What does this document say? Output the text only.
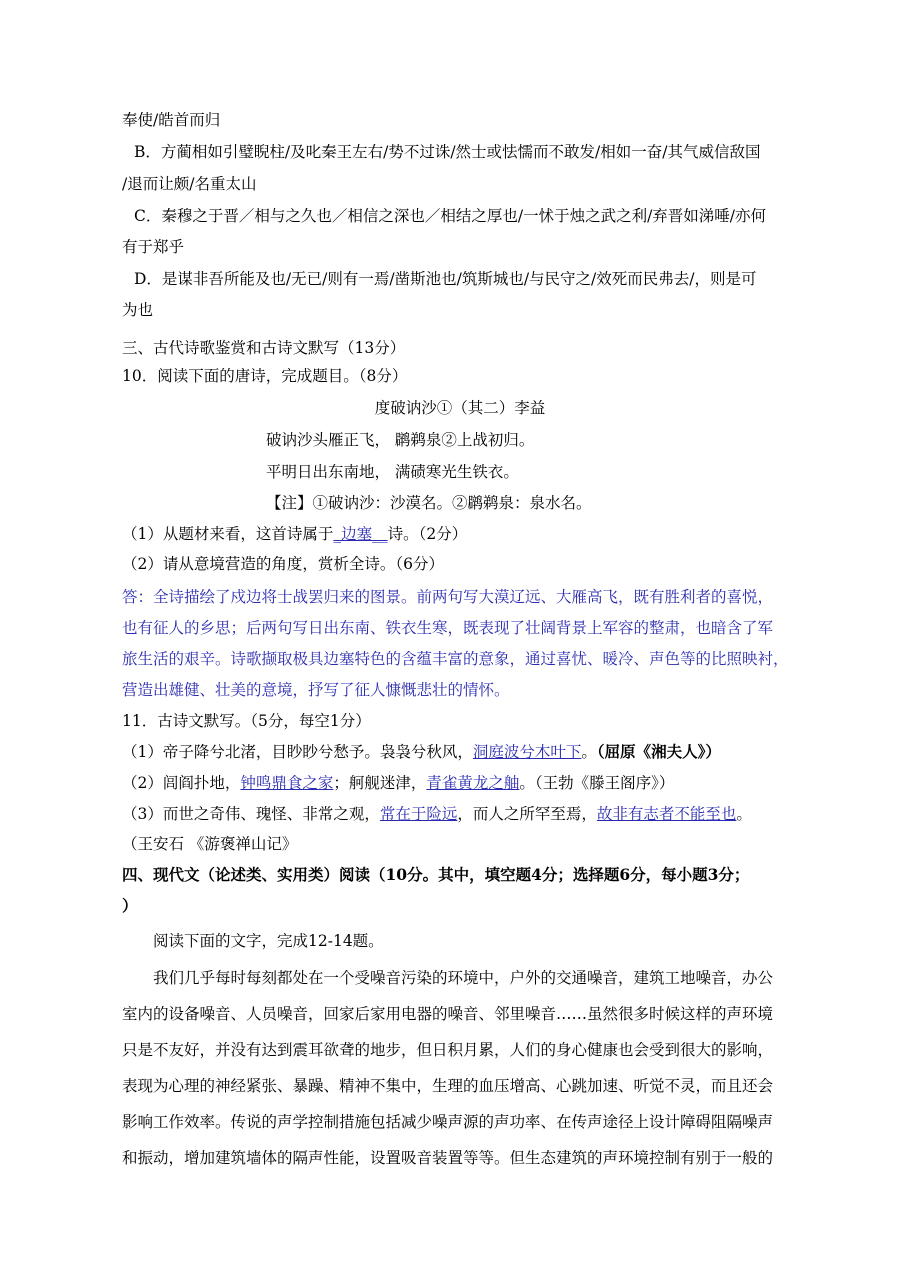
奉使/皓首而归
B．方蔺相如引璧睨柱/及叱秦王左右/势不过诛/然士或怯懦而不敢发/相如一奋/其气威信敌国
/退而让颇/名重太山
C．秦穆之于晋／相与之久也／相信之深也／相结之厚也/一怵于烛之武之利/弃晋如涕唾/亦何
有于郑乎
D．是谋非吾所能及也/无已/则有一焉/凿斯池也/筑斯城也/与民守之/效死而民弗去/，则是可
为也
三、古代诗歌鉴赏和古诗文默写（13分）
10．阅读下面的唐诗，完成题目。（8分）
度破讷沙①（其二）李益
破讷沙头雁正飞， 䴙鹈泉②上战初归。
平明日出东南地， 满碛寒光生铁衣。
【注】①破讷沙：沙漠名。②䴙鹈泉：泉水名。
（1）从题材来看，这首诗属于_边塞__诗。（2分）
（2）请从意境营造的角度，赏析全诗。（6分）
答：全诗描绘了戍边将士战罢归来的图景。前两句写大漠辽远、大雁高飞，既有胜利者的喜悦，
也有征人的乡思；后两句写日出东南、铁衣生寒，既表现了壮阔背景上军容的整肃，也暗含了军
旅生活的艰辛。诗歌撷取极具边塞特色的含蕴丰富的意象，通过喜忧、暖冷、声色等的比照映衬，
营造出雄健、壮美的意境，抒写了征人慷慨悲壮的情怀。
11．古诗文默写。（5分，每空1分）
（1）帝子降兮北渚，目眇眇兮愁予。袅袅兮秋风，洞庭波兮木叶下。（屈原《湘夫人》）
（2）闾阎扑地，钟鸣鼎食之家；舸舰迷津，青雀黄龙之舳。（王勃《滕王阁序》）
（3）而世之奇伟、瑰怪、非常之观，常在于险远，而人之所罕至焉，故非有志者不能至也。
（王安石 《游褒禅山记》
四、现代文（论述类、实用类）阅读（10分。其中，填空题4分；选择题6分，每小题3分；
）
阅读下面的文字，完成12-14题。
我们几乎每时每刻都处在一个受噪音污染的环境中，户外的交通噪音，建筑工地噪音，办公
室内的设备噪音、人员噪音，回家后家用电器的噪音、邻里噪音……虽然很多时候这样的声环境
只是不友好，并没有达到震耳欲聋的地步，但日积月累，人们的身心健康也会受到很大的影响，
表现为心理的神经紧张、暴躁、精神不集中，生理的血压增高、心跳加速、听觉不灵，而且还会
影响工作效率。传说的声学控制措施包括减少噪声源的声功率、在传声途径上设计障碍阻隔噪声
和振动，增加建筑墙体的隔声性能，设置吸音装置等等。但生态建筑的声环境控制有别于一般的
